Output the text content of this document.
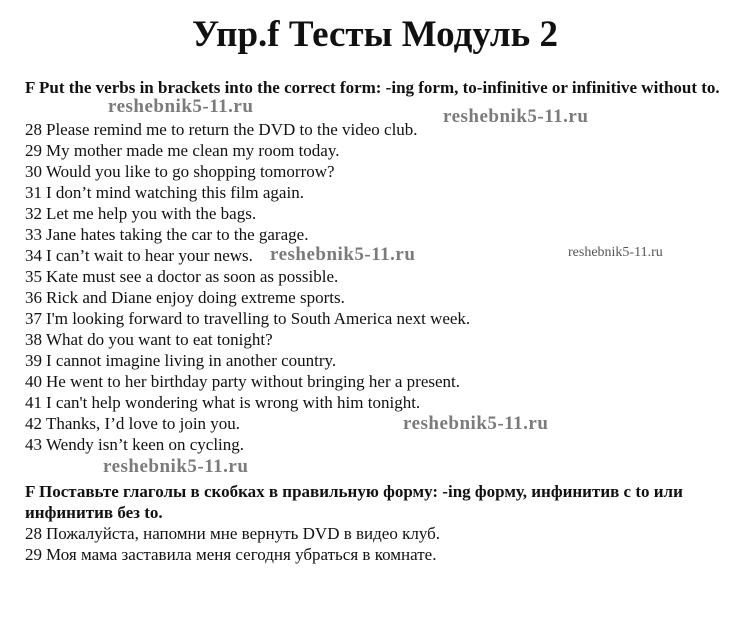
Упр.f Тесты Модуль 2
F Put the verbs in brackets into the correct form: -ing form, to-infinitive or infinitive without to.
28 Please remind me to return the DVD to the video club.
29 My mother made me clean my room today.
30 Would you like to go shopping tomorrow?
31 I don’t mind watching this film again.
32 Let me help you with the bags.
33 Jane hates taking the car to the garage.
34 I can’t wait to hear your news.
35 Kate must see a doctor as soon as possible.
36 Rick and Diane enjoy doing extreme sports.
37 I'm looking forward to travelling to South America next week.
38 What do you want to eat tonight?
39 I cannot imagine living in another country.
40 He went to her birthday party without bringing her a present.
41 I can't help wondering what is wrong with him tonight.
42 Thanks, I’d love to join you.
43 Wendy isn’t keen on cycling.
F Поставьте глаголы в скобках в правильную форму: -ing форму, инфинитив с to или инфинитив без to.
28 Пожалуйста, напомни мне вернуть DVD в видео клуб.
29 Моя мама заставила меня сегодня убраться в комнате.
reshebnik5-11.ru	reshebnik5-11.ru
reshebnik5-11.ru
reshebnik5-11.ru
reshebnik5-11.ru
reshebnik5-11.ru
